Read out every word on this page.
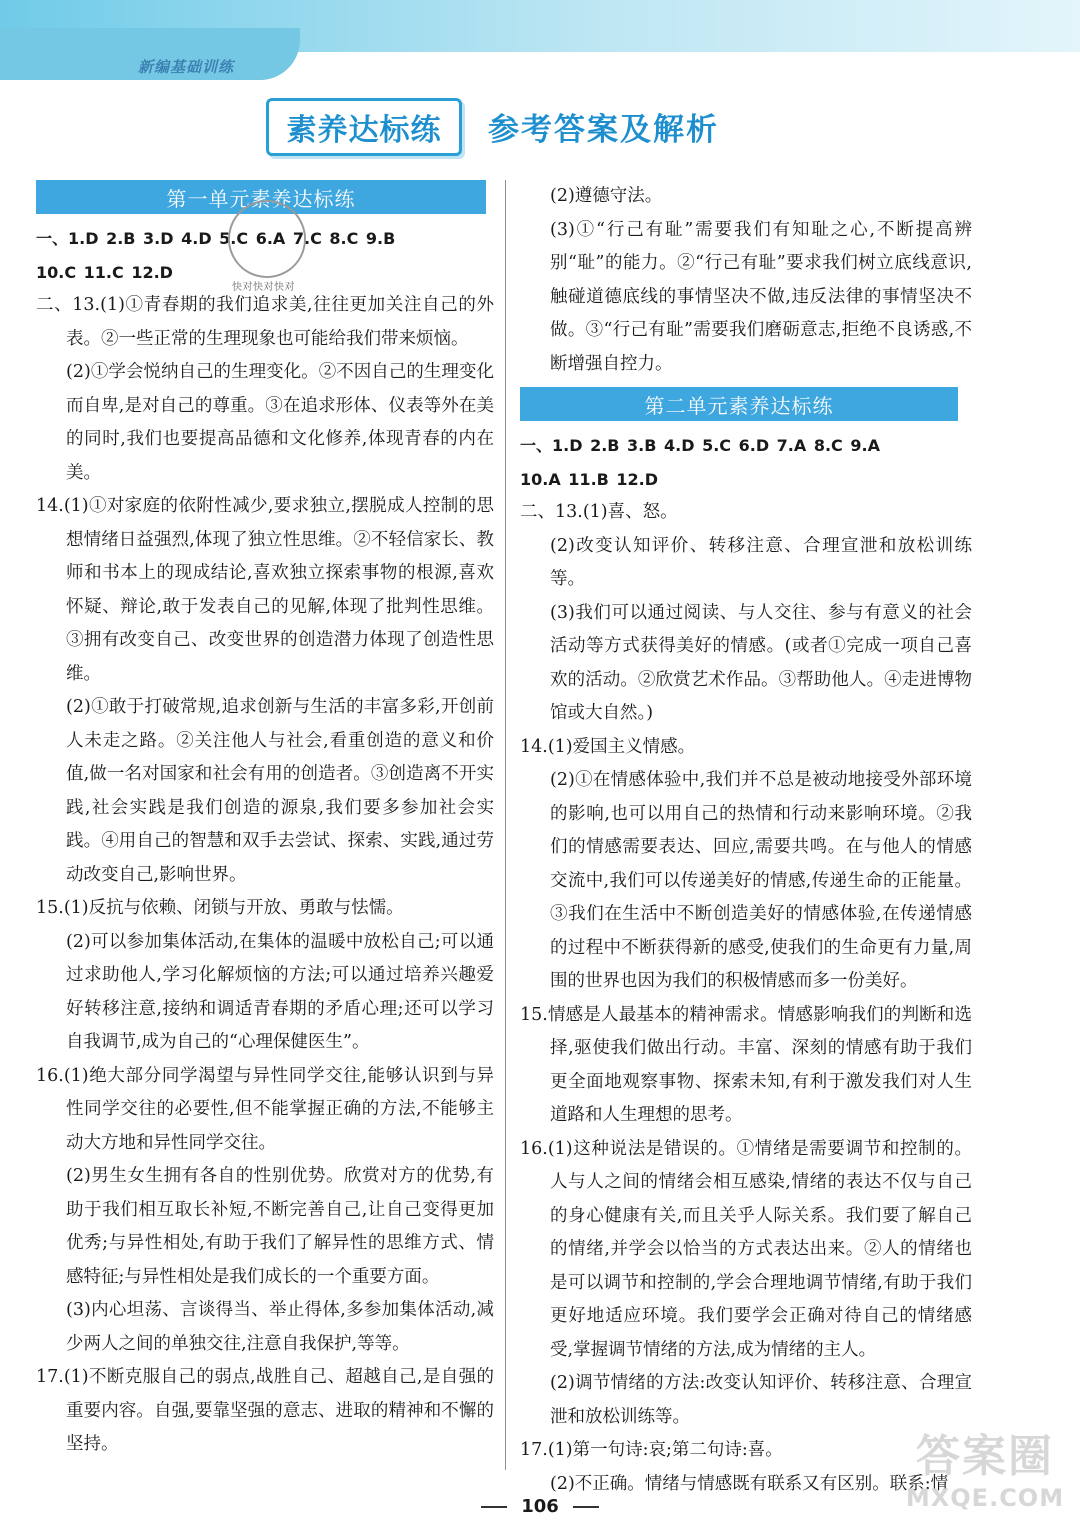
新编基础训练
素养达标练 参考答案及解析
第一单元素养达标练

一、1.D 2.B 3.D 4.D 5.C 6.A 7.C 8.C 9.B

10.C 11.C 12.D

二、13.(1)①青春期的我们追求美,往往更加关注自己的外表。②一些正常的生理现象也可能给我们带来烦恼。

(2)①学会悦纳自己的生理变化。②不因自己的生理变化而自卑,是对自己的尊重。③在追求形体、仪表等外在美的同时,我们也要提高品德和文化修养,体现青春的内在美。

14.(1)①对家庭的依附性减少,要求独立,摆脱成人控制的思想情绪日益强烈,体现了独立性思维。②不轻信家长、教师和书本上的现成结论,喜欢独立探索事物的根源,喜欢怀疑、辩论,敢于发表自己的见解,体现了批判性思维。③拥有改变自己、改变世界的创造潜力体现了创造性思维。

(2)①敢于打破常规,追求创新与生活的丰富多彩,开创前人未走之路。②关注他人与社会,看重创造的意义和价值,做一名对国家和社会有用的创造者。③创造离不开实践,社会实践是我们创造的源泉,我们要多参加社会实践。④用自己的智慧和双手去尝试、探索、实践,通过劳动改变自己,影响世界。

15.(1)反抗与依赖、闭锁与开放、勇敢与怯懦。

(2)可以参加集体活动,在集体的温暖中放松自己;可以通过求助他人,学习化解烦恼的方法;可以通过培养兴趣爱好转移注意,接纳和调适青春期的矛盾心理;还可以学习自我调节,成为自己的“心理保健医生”。

16.(1)绝大部分同学渴望与异性同学交往,能够认识到与异性同学交往的必要性,但不能掌握正确的方法,不能够主动大方地和异性同学交往。

(2)男生女生拥有各自的性别优势。欣赏对方的优势,有助于我们相互取长补短,不断完善自己,让自己变得更加优秀;与异性相处,有助于我们了解异性的思维方式、情感特征;与异性相处是我们成长的一个重要方面。

(3)内心坦荡、言谈得当、举止得体,多参加集体活动,减少两人之间的单独交往,注意自我保护,等等。

17.(1)不断克服自己的弱点,战胜自己、超越自己,是自强的重要内容。自强,要靠坚强的意志、进取的精神和不懈的坚持。

快对快对快对

(2)遵德守法。

(3)①“行己有耻”需要我们有知耻之心,不断提高辨别“耻”的能力。②“行己有耻”要求我们树立底线意识,触碰道德底线的事情坚决不做,违反法律的事情坚决不做。③“行己有耻”需要我们磨砺意志,拒绝不良诱惑,不断增强自控力。

第二单元素养达标练

一、1.D 2.B 3.B 4.D 5.C 6.D 7.A 8.C 9.A

10.A 11.B 12.D

二、13.(1)喜、怒。

(2)改变认知评价、转移注意、合理宣泄和放松训练等。

(3)我们可以通过阅读、与人交往、参与有意义的社会活动等方式获得美好的情感。(或者①完成一项自己喜欢的活动。②欣赏艺术作品。③帮助他人。④走进博物馆或大自然。)

14.(1)爱国主义情感。

(2)①在情感体验中,我们并不总是被动地接受外部环境的影响,也可以用自己的热情和行动来影响环境。②我们的情感需要表达、回应,需要共鸣。在与他人的情感交流中,我们可以传递美好的情感,传递生命的正能量。③我们在生活中不断创造美好的情感体验,在传递情感的过程中不断获得新的感受,使我们的生命更有力量,周围的世界也因为我们的积极情感而多一份美好。

15.情感是人最基本的精神需求。情感影响我们的判断和选择,驱使我们做出行动。丰富、深刻的情感有助于我们更全面地观察事物、探索未知,有利于激发我们对人生道路和人生理想的思考。

16.(1)这种说法是错误的。①情绪是需要调节和控制的。人与人之间的情绪会相互感染,情绪的表达不仅与自己的身心健康有关,而且关乎人际关系。我们要了解自己的情绪,并学会以恰当的方式表达出来。②人的情绪也是可以调节和控制的,学会合理地调节情绪,有助于我们更好地适应环境。我们要学会正确对待自己的情绪感受,掌握调节情绪的方法,成为情绪的主人。

(2)调节情绪的方法:改变认知评价、转移注意、合理宣泄和放松训练等。

17.(1)第一句诗:哀;第二句诗:喜。

(2)不正确。情绪与情感既有联系又有区别。联系:情

106
答案圈
MXQE.COM
